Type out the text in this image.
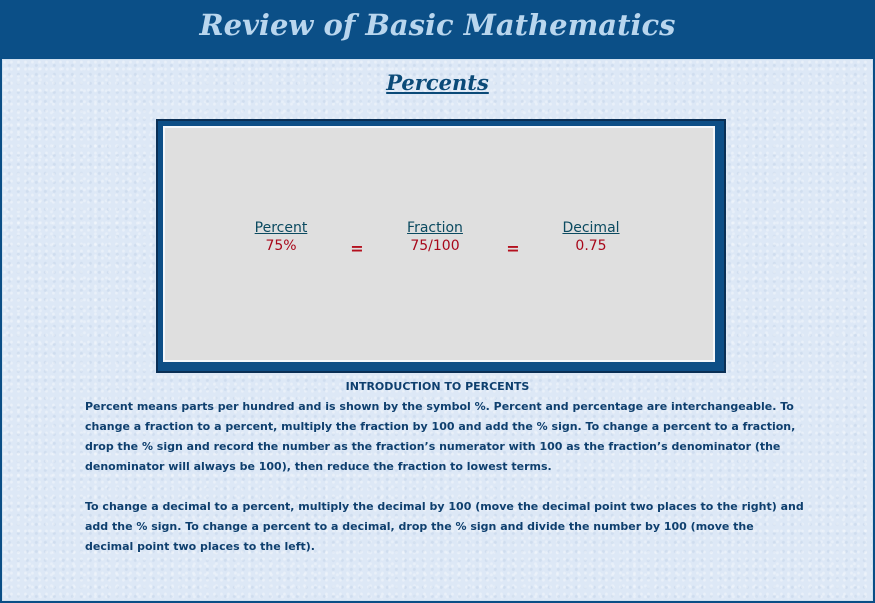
Review of Basic Mathematics
Percents
Percent
75%	=
Fraction
75/100	=
Decimal
0.75
INTRODUCTION TO PERCENTS

Percent means parts per hundred and is shown by the symbol %. Percent and percentage are interchangeable. To change a fraction to a percent, multiply the fraction by 100 and add the % sign. To change a percent to a fraction, drop the % sign and record the number as the fraction’s numerator with 100 as the fraction’s denominator (the denominator will always be 100), then reduce the fraction to lowest terms.

To change a decimal to a percent, multiply the decimal by 100 (move the decimal point two places to the right) and add the % sign. To change a percent to a decimal, drop the % sign and divide the number by 100 (move the decimal point two places to the left).
